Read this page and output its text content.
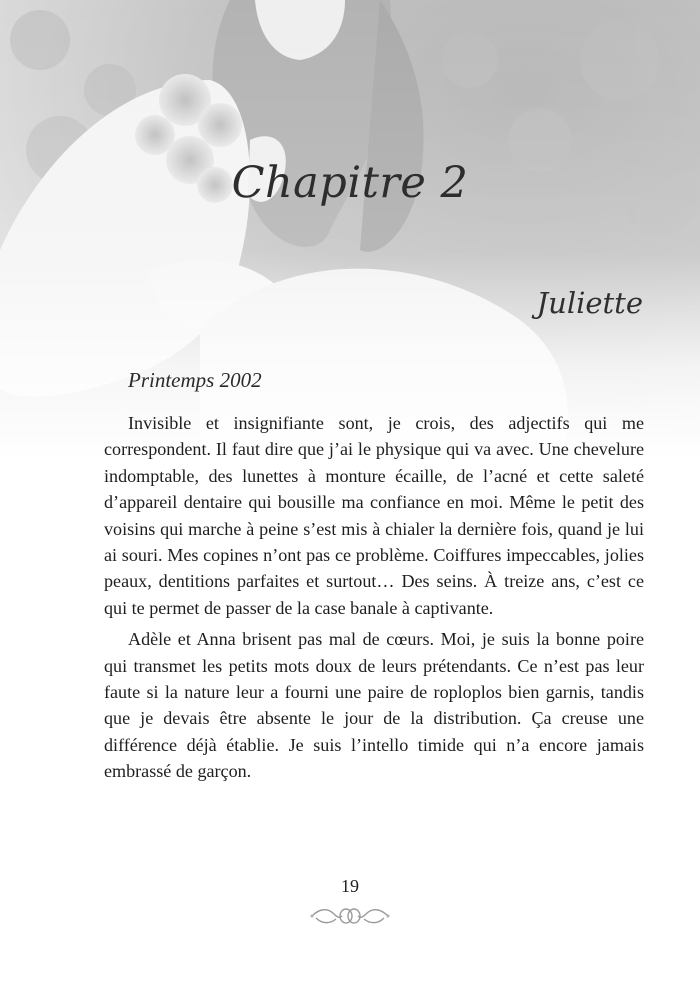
Chapitre 2
Juliette
Printemps 2002

Invisible et insignifiante sont, je crois, des adjectifs qui me correspondent. Il faut dire que j’ai le physique qui va avec. Une chevelure indomptable, des lunettes à monture écaille, de l’acné et cette saleté d’appareil dentaire qui bousille ma confiance en moi. Même le petit des voisins qui marche à peine s’est mis à chialer la dernière fois, quand je lui ai souri. Mes copines n’ont pas ce problème. Coiffures impeccables, jolies peaux, dentitions parfaites et surtout… Des seins. À treize ans, c’est ce qui te permet de passer de la case banale à captivante.

Adèle et Anna brisent pas mal de cœurs. Moi, je suis la bonne poire qui transmet les petits mots doux de leurs prétendants. Ce n’est pas leur faute si la nature leur a fourni une paire de roploplos bien garnis, tandis que je devais être absente le jour de la distribution. Ça creuse une différence déjà établie. Je suis l’intello timide qui n’a encore jamais embrassé de garçon.

19
